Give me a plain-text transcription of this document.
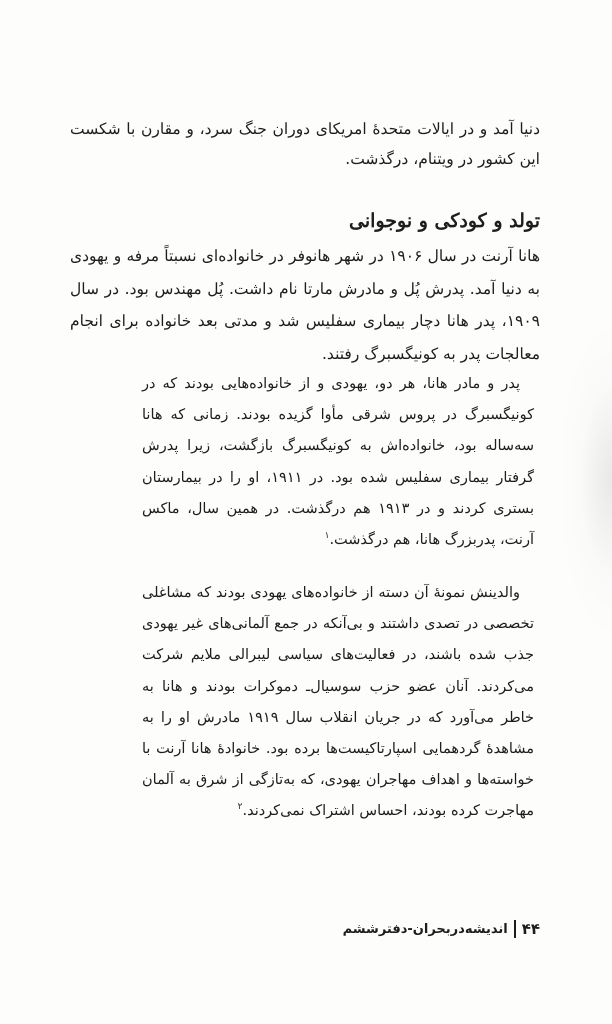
دنیا آمد و در ایالات متحدهٔ امریکای دوران جنگ سرد، و مقارن با شکست این کشور در ویتنام، درگذشت.

تولد و کودکی و نوجوانی

هانا آرنت در سال ۱۹۰۶ در شهر هانوفر در خانواده‌ای نسبتاً مرفه و یهودی به دنیا آمد. پدرش پُل و مادرش مارتا نام داشت. پُل مهندس بود. در سال ۱۹۰۹، پدر هانا دچار بیماری سفلیس شد و مدتی بعد خانواده برای انجام معالجات پدر به کونیگسبرگ رفتند.

پدر و مادر هانا، هر دو، یهودی و از خانواده‌هایی بودند که در کونیگسبرگ در پروس شرقی مأوا گزیده بودند. زمانی که هانا سه‌ساله بود، خانواده‌اش به کونیگسبرگ بازگشت، زیرا پدرش گرفتار بیماری سفلیس شده بود. در ۱۹۱۱، او را در بیمارستان بستری کردند و در ۱۹۱۳ هم درگذشت. در همین سال، ماکس آرنت، پدربزرگ هانا، هم درگذشت.$^۱$

والدینش نمونهٔ آن دسته از خانواده‌های یهودی بودند که مشاغلی تخصصی در تصدی داشتند و بی‌آنکه در جمع آلمانی‌های غیر یهودی جذب شده باشند، در فعالیت‌های سیاسی لیبرالی ملایم شرکت می‌کردند. آنان عضو حزب سوسیال‌ـ دموکرات بودند و هانا به خاطر می‌آورد که در جریان انقلاب سال ۱۹۱۹ مادرش او را به مشاهدهٔ گردهمایی اسپارتاکیست‌ها برده بود. خانوادهٔ هانا آرنت با خواسته‌ها و اهداف مهاجران یهودی، که به‌تازگی از شرق به آلمان مهاجرت کرده بودند، احساس اشتراک نمی‌کردند.$^۲$

۴۴
اندیشه‌دربحران-دفترششم
